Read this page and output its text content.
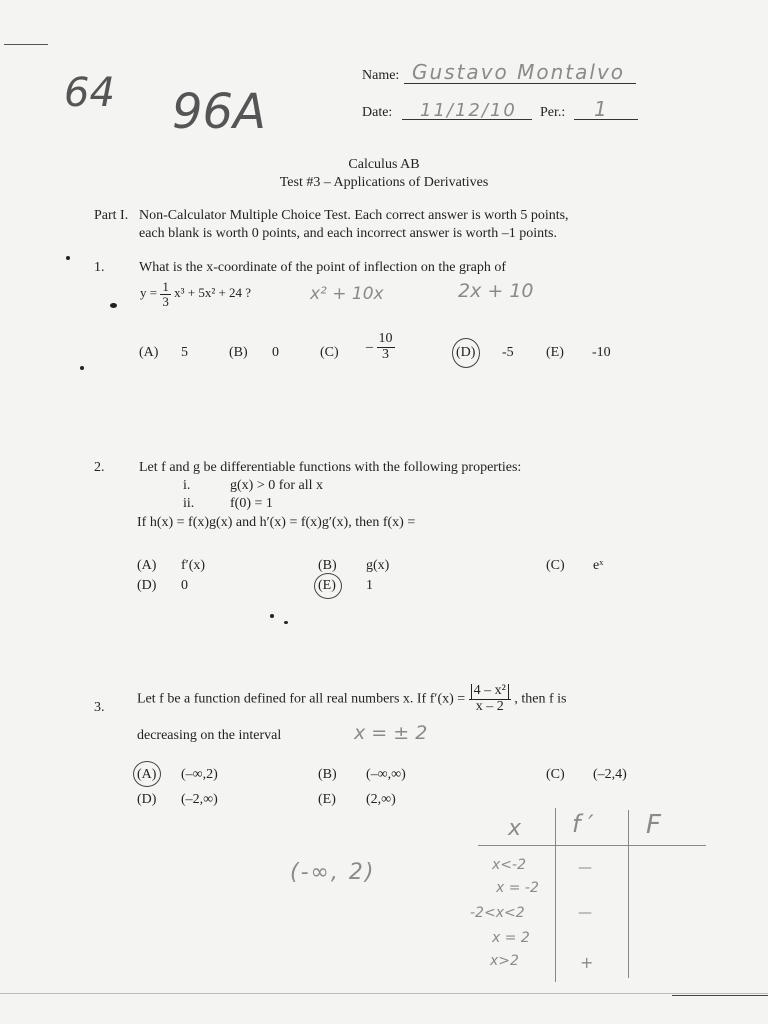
64 96A
Name: Gustavo Montalvo
Date: 11/12/10 Per.: 1
Calculus AB
Test #3 – Applications of Derivatives
Part I. Non-Calculator Multiple Choice Test. Each correct answer is worth 5 points,
each blank is worth 0 points, and each incorrect answer is worth –1 points.
1. What is the x-coordinate of the point of inflection on the graph of
$y = \frac{1}{3} x^3 + 5x^2 + 24$ ?	x² + 10x	2x + 10
(A) 5	(B) 0	$(C) - \frac{10}{3}$	(D) -5 (E) -10
2. Let f and g be differentiable functions with the following properties:
i.	g(x) > 0 for all x
ii.	f(0) = 1
If h(x) = f(x)g(x) and h′(x) = f(x)g′(x), then f(x) =
(A) f′(x)	(B) g(x)	(C) eˣ
(D) 0	(E) 1
3.
Let f be a function defined for all real numbers x. If $f'(x) = \frac{\text{4 – x²}}{x - 2}$ , then f is
decreasing on the interval	x = ± 2
(A) (–∞,2)	(B) (–∞,∞)	(C) (–2,4)
(D) (–2,∞)	(E) (2,∞)
(-∞, 2)
x f ′ F
x<-2	—
x = -2
-2<x<2	—
x = 2
x>2	+
